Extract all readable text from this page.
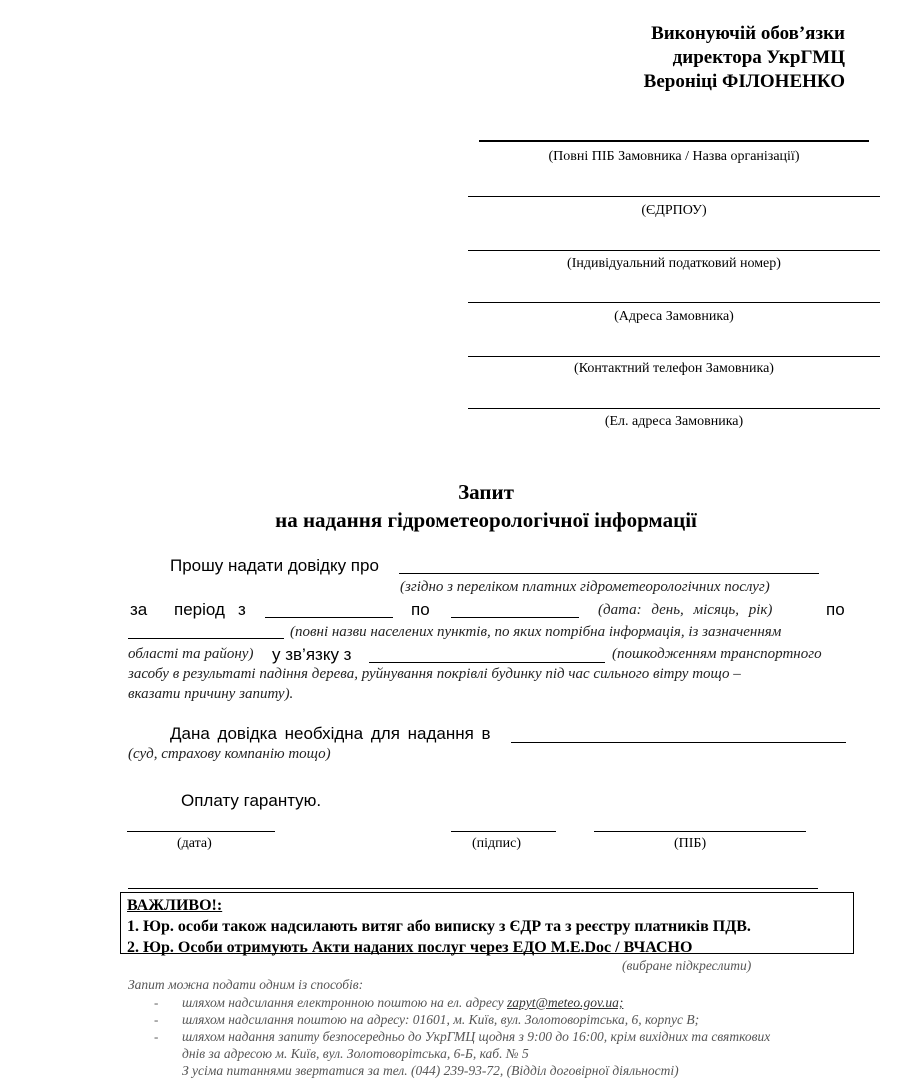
Виконуючій обов’язки
директора УкрГМЦ
Вероніці ФІЛОНЕНКО
(Повні ПІБ Замовника / Назва організації)
(ЄДРПОУ)
(Індивідуальний податковий номер)
(Адреса Замовника)
(Контактний телефон Замовника)
(Ел. адреса Замовника)
Запит
на надання гідрометеорологічної інформації
Прошу надати довідку про
(згідно з переліком платних гідрометеорологічних послуг)
за період з	по	(дата: день, місяць, рік)	по
(повні назви населених пунктів, по яких потрібна інформація, із зазначенням
області та району) у зв’язку з	(пошкодженням транспортного
засобу в результаті падіння дерева, руйнування покрівлі будинку під час сильного вітру тощо –
вказати причину запиту).
Дана довідка необхідна для надання в
(суд, страхову компанію тощо)
Оплату гарантую.
(дата)	(підпис)	(ПІБ)
ВАЖЛИВО!:
1. Юр. особи також надсилають витяг або виписку з ЄДР та з реєстру платників ПДВ.
2. Юр. Особи отримують Акти наданих послуг через ЕДО M.E.Doc / ВЧАСНО
(вибране підкреслити)
Запит можна подати одним із способів:
- шляхом надсилання електронною поштою на ел. адресу zapyt@meteo.gov.ua;
- шляхом надсилання поштою на адресу: 01601, м. Київ, вул. Золотоворітська, 6, корпус В;
- шляхом надання запиту безпосередньо до УкрГМЦ щодня з 9:00 до 16:00, крім вихідних та святкових
днів за адресою м. Київ, вул. Золотоворітська, 6-Б, каб. № 5
З усіма питаннями звертатися за тел. (044) 239-93-72, (Відділ договірної діяльності)
